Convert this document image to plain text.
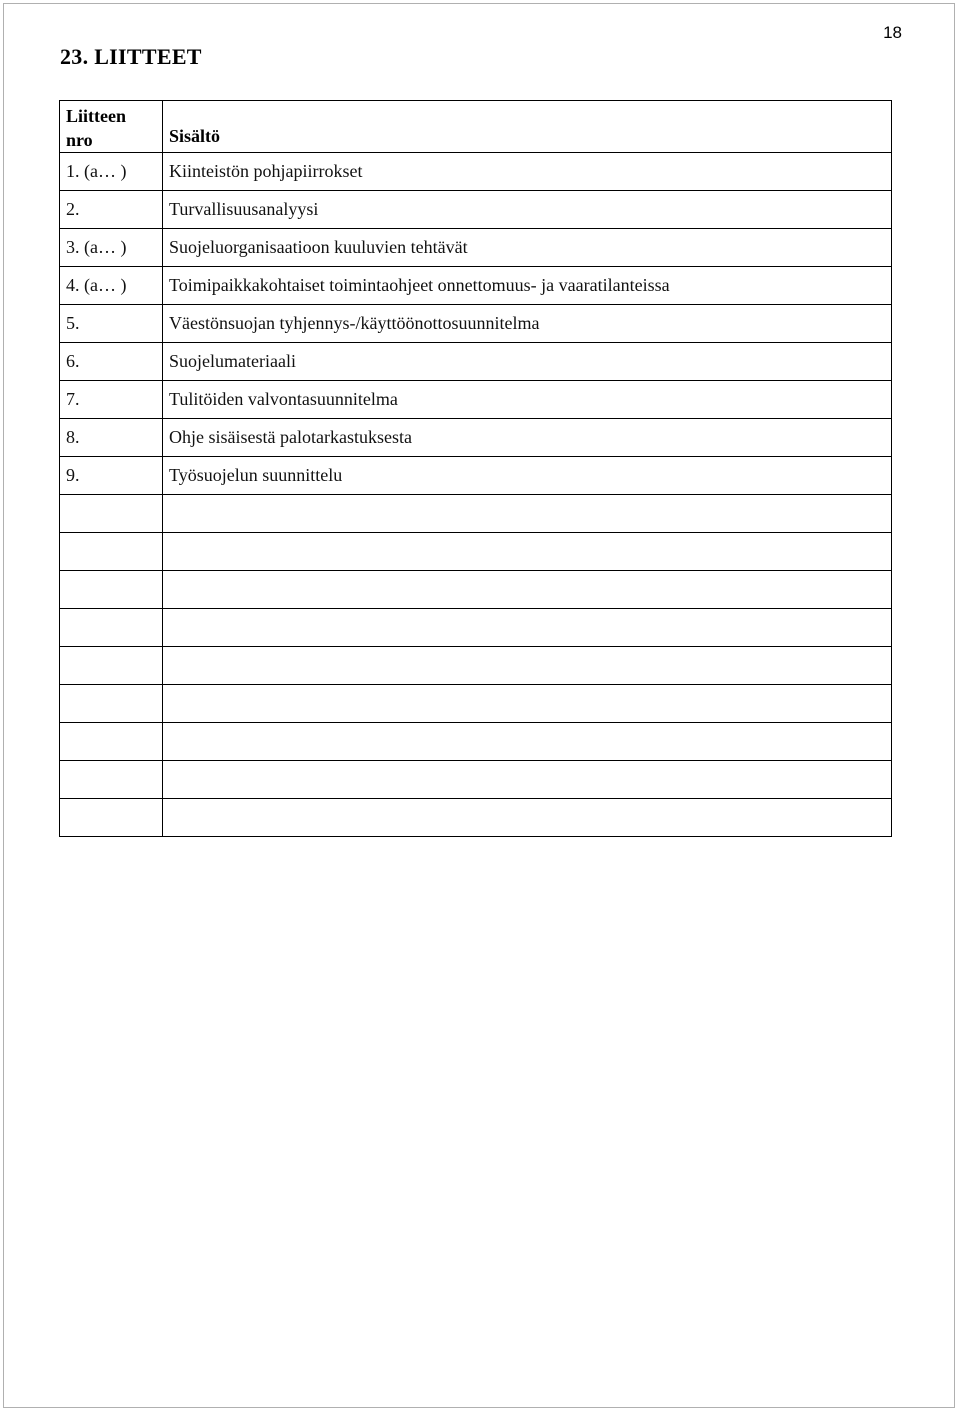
18
23. LIITTEET
Liitteen nro	Sisältö
1. (a… )	Kiinteistön pohjapiirrokset
2.	Turvallisuusanalyysi
3. (a… )	Suojeluorganisaatioon kuuluvien tehtävät
4. (a… )	Toimipaikkakohtaiset toimintaohjeet onnettomuus- ja vaaratilanteissa
5.	Väestönsuojan tyhjennys-/käyttöönottosuunnitelma
6.	Suojelumateriaali
7.	Tulitöiden valvontasuunnitelma
8.	Ohje sisäisestä palotarkastuksesta
9.	Työsuojelun suunnittelu
